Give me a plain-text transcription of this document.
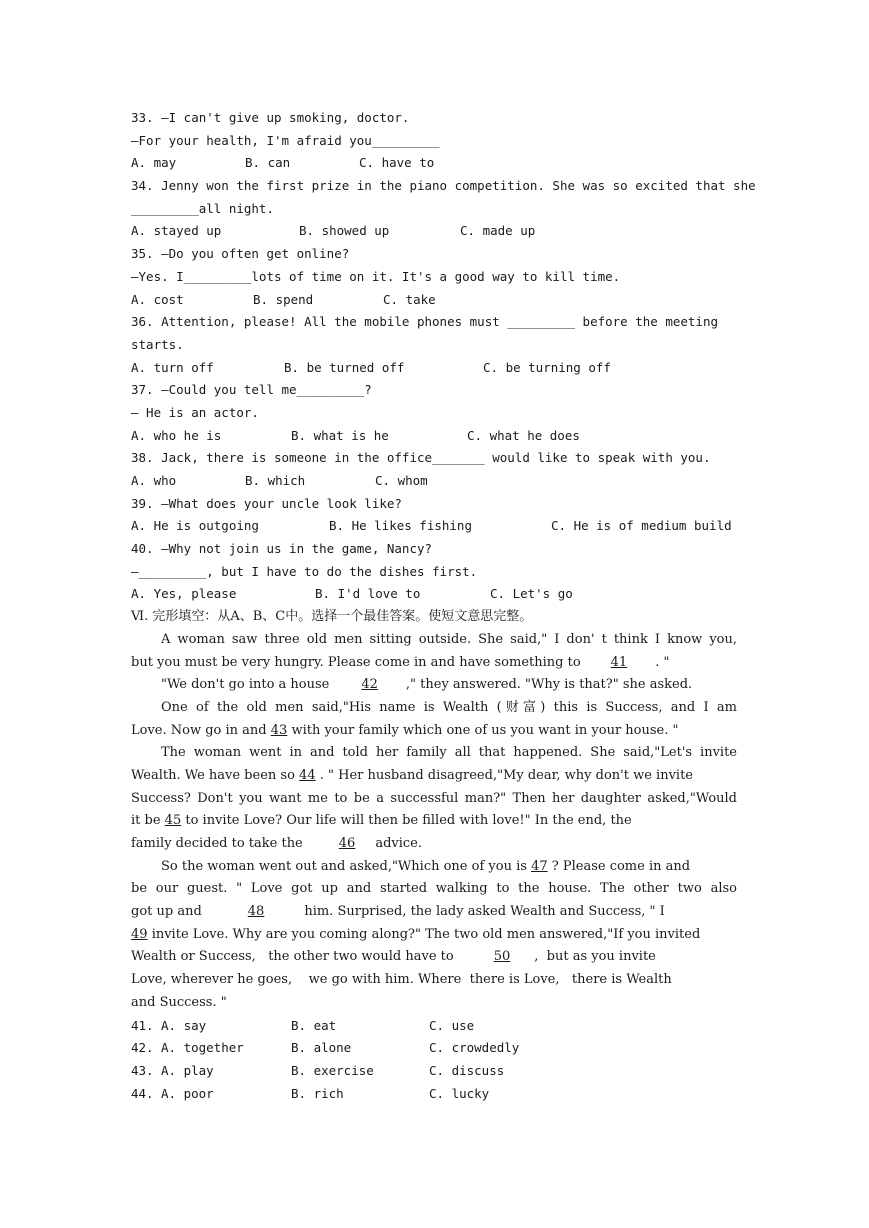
33. —I can't give up smoking, doctor.
—For your health, I'm afraid you_________
A. may	B. can	C. have to
34. Jenny won the first prize in the piano competition. She was so excited that she
_________all night.
A. stayed up	B. showed up	C. made up
35. —Do you often get online?
—Yes. I_________lots of time on it. It's a good way to kill time.
A. cost	B. spend	C. take
36. Attention, please! All the mobile phones must _________ before the meeting
starts.
A. turn off	B. be turned off	C. be turning off
37. —Could you tell me_________?
— He is an actor.
A. who he is	B. what is he	C. what he does
38. Jack, there is someone in the office_______ would like to speak with you.
A. who	B. which	C. whom
39. —What does your uncle look like?
A. He is outgoing	B. He likes fishing	C. He is of medium build
40. —Why not join us in the game, Nancy?
—_________, but I have to do the dishes first.
A. Yes, please	B. I'd love to	C. Let's go
Ⅵ. 完形填空：从A、B、C中。选择一个最佳答案。使短文意思完整。
A woman saw three old men sitting outside. She said," I don' t think I know you,
but you must be very hungry. Please come in and have something to 41 . "
"We don't go into a house 42 ," they answered. "Why is that?" she asked.
One of the old men said,"His name is Wealth (财富) this is Success, and I am
Love. Now go in and 43 with your family which one of us you want in your house. "
The woman went in and told her family all that happened. She said,"Let's invite
Wealth. We have been so 44 . " Her husband disagreed,"My dear, why don't we invite
Success? Don't you want me to be a successful man?" Then her daughter asked,"Would
it be 45 to invite Love? Our life will then be filled with love!" In the end, the
family decided to take the	46 advice.
So the woman went out and asked,"Which one of you is 47 ? Please come in and
be our guest. " Love got up and started walking to the house. The other two also
got up and	48	him. Surprised, the lady asked Wealth and Success, " I
49 invite Love. Why are you coming along?" The two old men answered,"If you invited
Wealth or Success,   the other two would have to	50 ,  but as you invite
Love, wherever he goes,    we go with him. Where  there is Love,   there is Wealth
and Success. "
41. A. say	B. eat	C. use
42. A. together	B. alone	C. crowdedly
43. A. play	B. exercise	C. discuss
44. A. poor	B. rich	C. lucky
